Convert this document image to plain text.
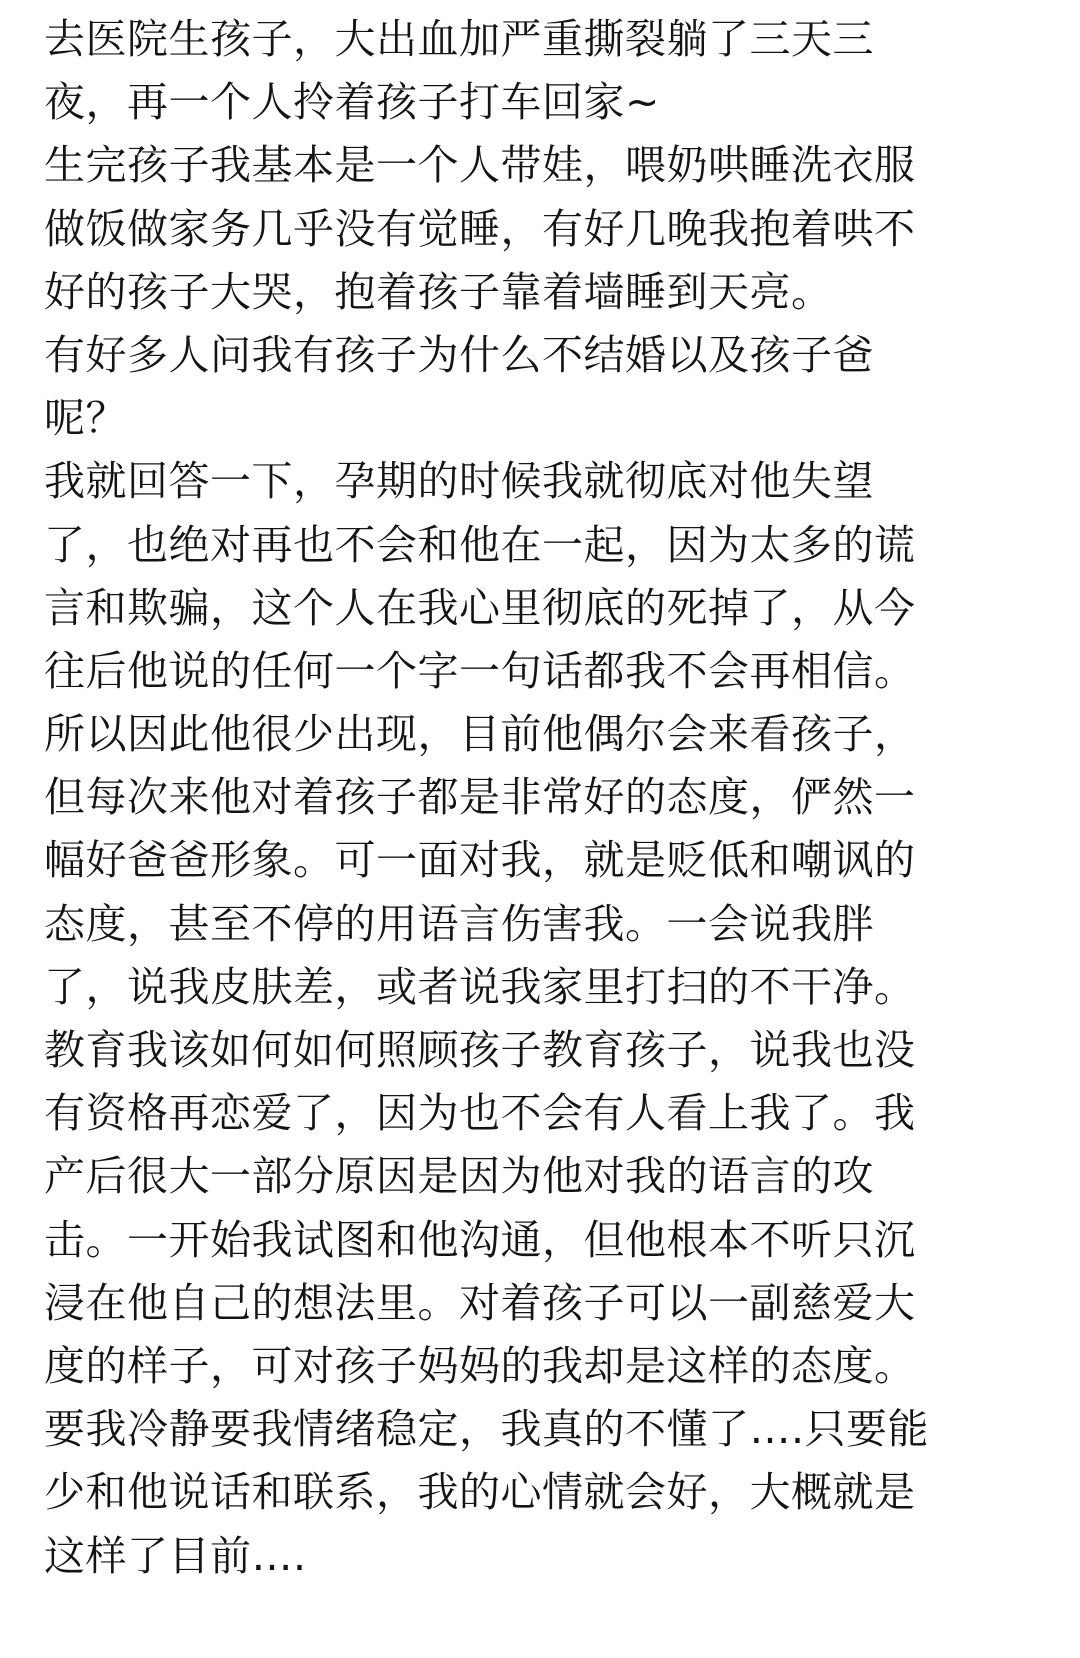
去医院生孩子，大出血加严重撕裂躺了三天三
夜，再一个人拎着孩子打车回家~
生完孩子我基本是一个人带娃，喂奶哄睡洗衣服
做饭做家务几乎没有觉睡，有好几晚我抱着哄不
好的孩子大哭，抱着孩子靠着墙睡到天亮。
有好多人问我有孩子为什么不结婚以及孩子爸
呢？
我就回答一下，孕期的时候我就彻底对他失望
了，也绝对再也不会和他在一起，因为太多的谎
言和欺骗，这个人在我心里彻底的死掉了，从今
往后他说的任何一个字一句话都我不会再相信。
所以因此他很少出现，目前他偶尔会来看孩子，
但每次来他对着孩子都是非常好的态度，俨然一
幅好爸爸形象。可一面对我，就是贬低和嘲讽的
态度，甚至不停的用语言伤害我。一会说我胖
了，说我皮肤差，或者说我家里打扫的不干净。
教育我该如何如何照顾孩子教育孩子，说我也没
有资格再恋爱了，因为也不会有人看上我了。我
产后很大一部分原因是因为他对我的语言的攻
击。一开始我试图和他沟通，但他根本不听只沉
浸在他自己的想法里。对着孩子可以一副慈爱大
度的样子，可对孩子妈妈的我却是这样的态度。
要我冷静要我情绪稳定，我真的不懂了….只要能
少和他说话和联系，我的心情就会好，大概就是
这样了目前….
